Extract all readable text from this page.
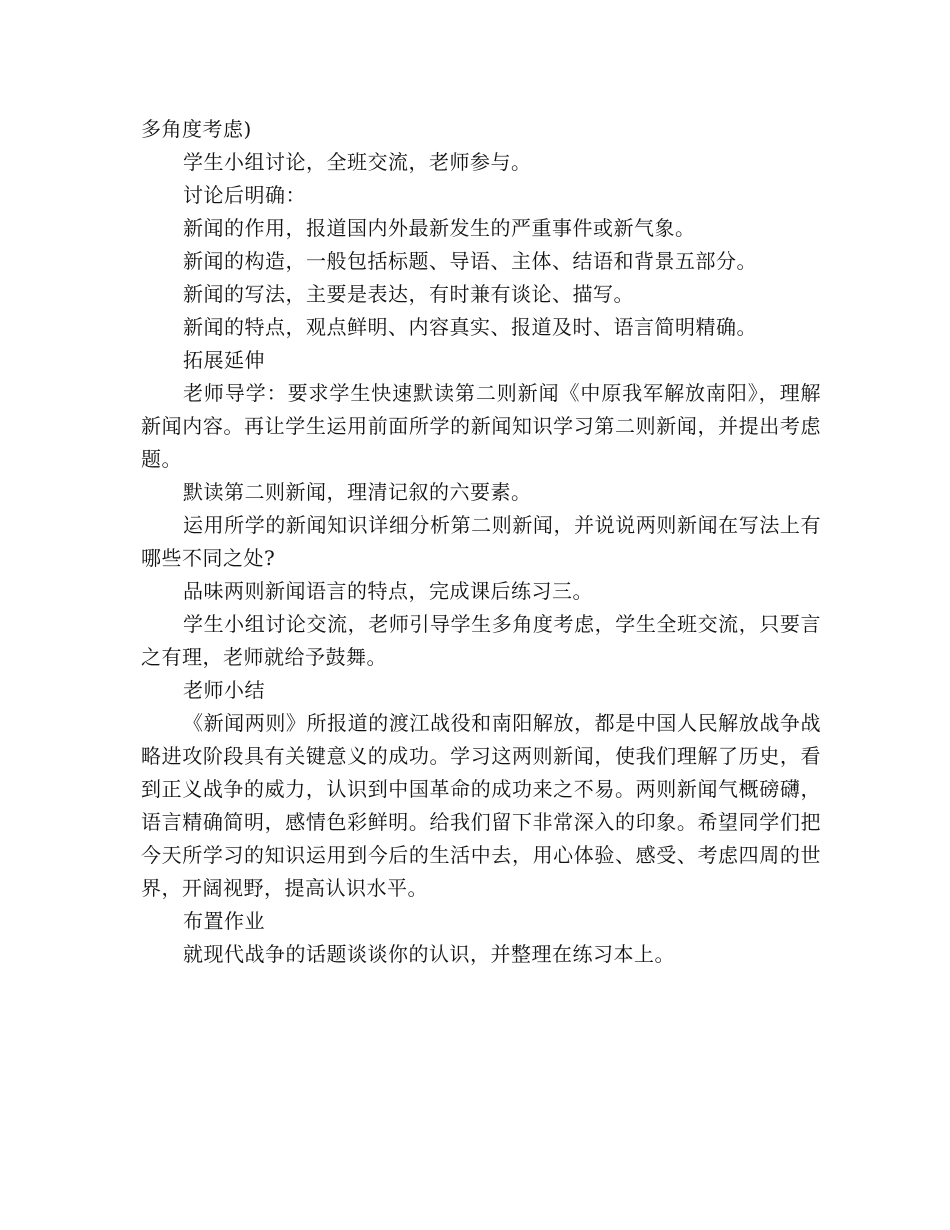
多角度考虑)

学生小组讨论，全班交流，老师参与。

讨论后明确：

新闻的作用，报道国内外最新发生的严重事件或新气象。

新闻的构造，一般包括标题、导语、主体、结语和背景五部分。

新闻的写法，主要是表达，有时兼有谈论、描写。

新闻的特点，观点鲜明、内容真实、报道及时、语言简明精确。

拓展延伸

老师导学：要求学生快速默读第二则新闻《中原我军解放南阳》，理解新闻内容。再让学生运用前面所学的新闻知识学习第二则新闻，并提出考虑题。

默读第二则新闻，理清记叙的六要素。

运用所学的新闻知识详细分析第二则新闻，并说说两则新闻在写法上有哪些不同之处?

品味两则新闻语言的特点，完成课后练习三。

学生小组讨论交流，老师引导学生多角度考虑，学生全班交流，只要言之有理，老师就给予鼓舞。

老师小结

《新闻两则》所报道的渡江战役和南阳解放，都是中国人民解放战争战略进攻阶段具有关键意义的成功。学习这两则新闻，使我们理解了历史，看到正义战争的威力，认识到中国革命的成功来之不易。两则新闻气概磅礴，语言精确简明，感情色彩鲜明。给我们留下非常深入的印象。希望同学们把今天所学习的知识运用到今后的生活中去，用心体验、感受、考虑四周的世界，开阔视野，提高认识水平。

布置作业

就现代战争的话题谈谈你的认识，并整理在练习本上。
